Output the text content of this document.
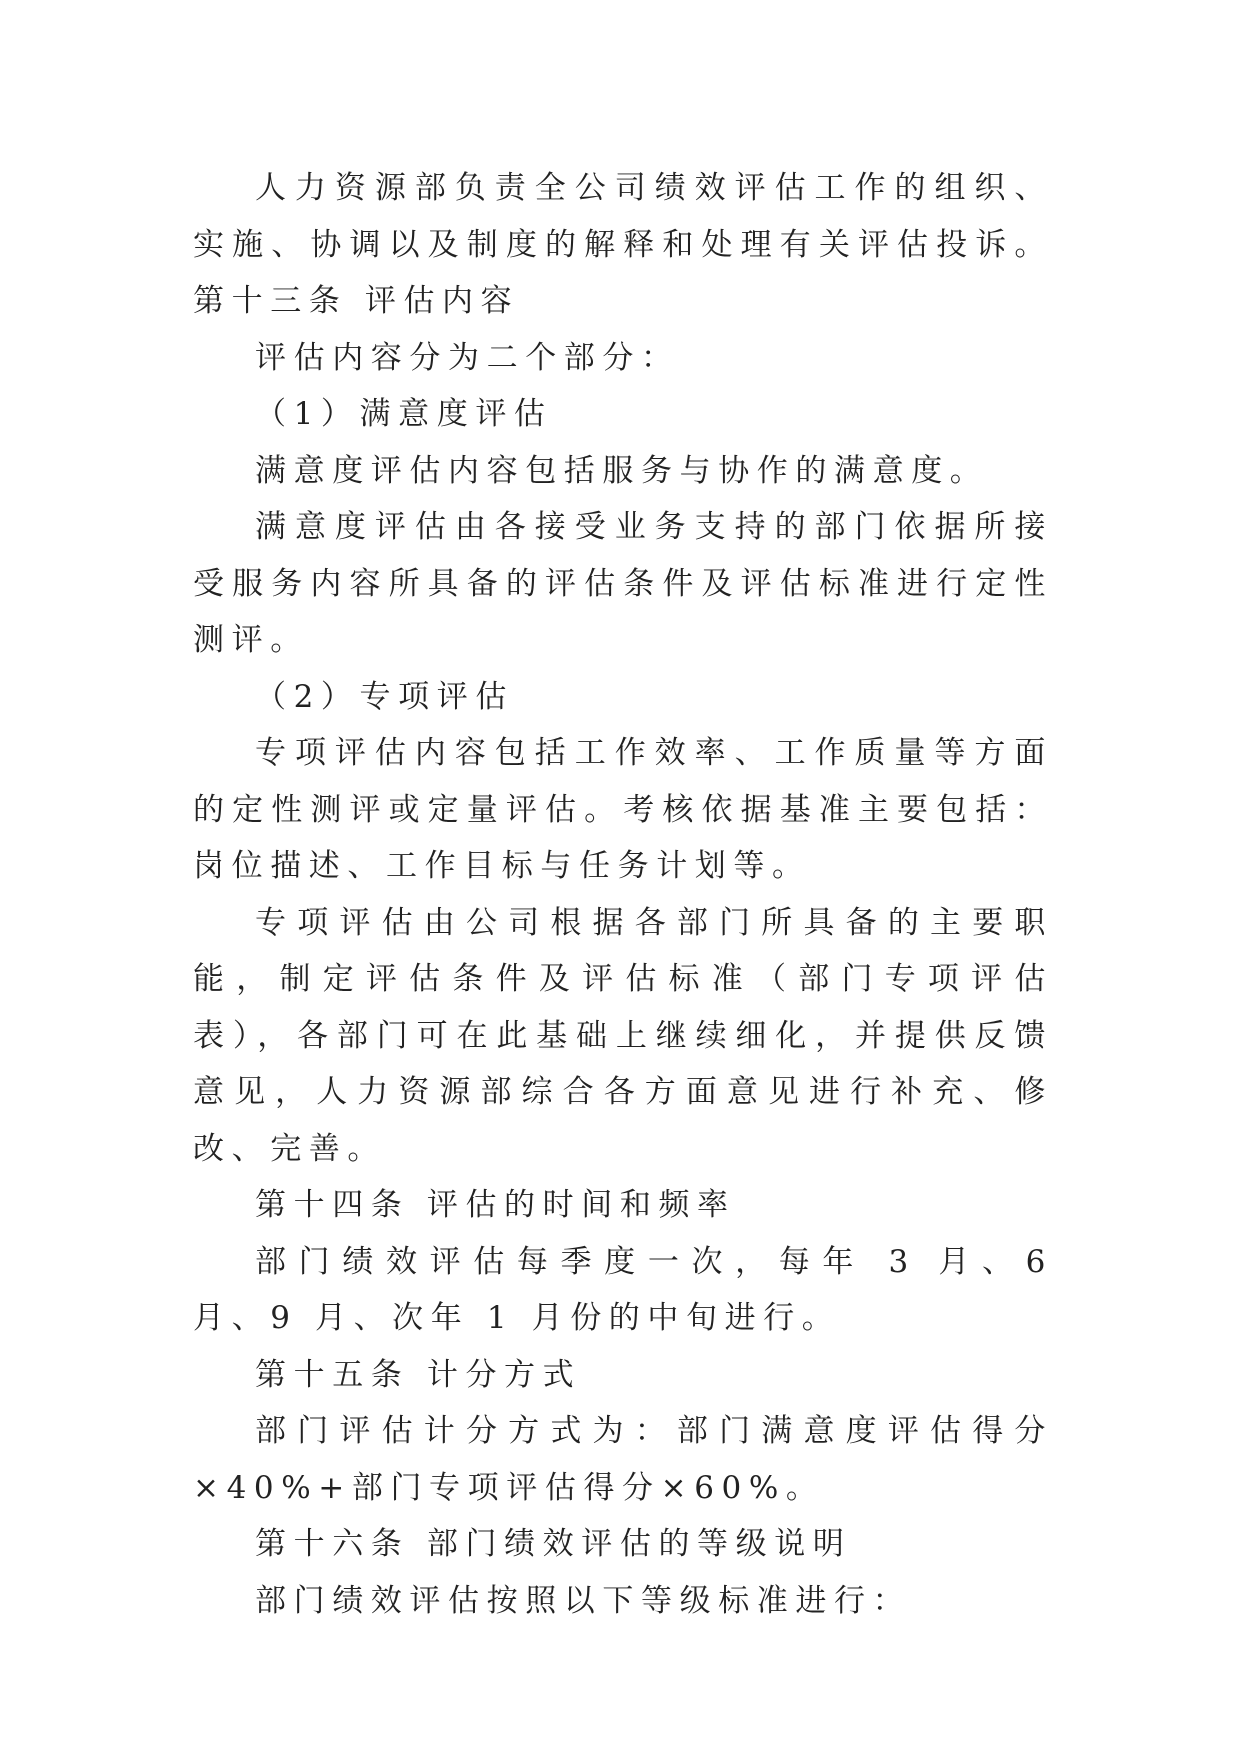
人力资源部负责全公司绩效评估工作的组织、实施、协调以及制度的解释和处理有关评估投诉。 第十三条 评估内容

评估内容分为二个部分：

（1）满意度评估

满意度评估内容包括服务与协作的满意度。

满意度评估由各接受业务支持的部门依据所接受服务内容所具备的评估条件及评估标准进行定性测评。

（2）专项评估

专项评估内容包括工作效率、工作质量等方面的定性测评或定量评估。考核依据基准主要包括：岗位描述、工作目标与任务计划等。

专项评估由公司根据各部门所具备的主要职能，制定评估条件及评估标准（部门专项评估表），各部门可在此基础上继续细化，并提供反馈意见，人力资源部综合各方面意见进行补充、修改、完善。

第十四条 评估的时间和频率

部门绩效评估每季度一次，每年 3 月、6 月、9 月、次年 1 月份的中旬进行。

第十五条 计分方式

部门评估计分方式为：部门满意度评估得分×40%+部门专项评估得分×60%。

第十六条 部门绩效评估的等级说明

部门绩效评估按照以下等级标准进行：
